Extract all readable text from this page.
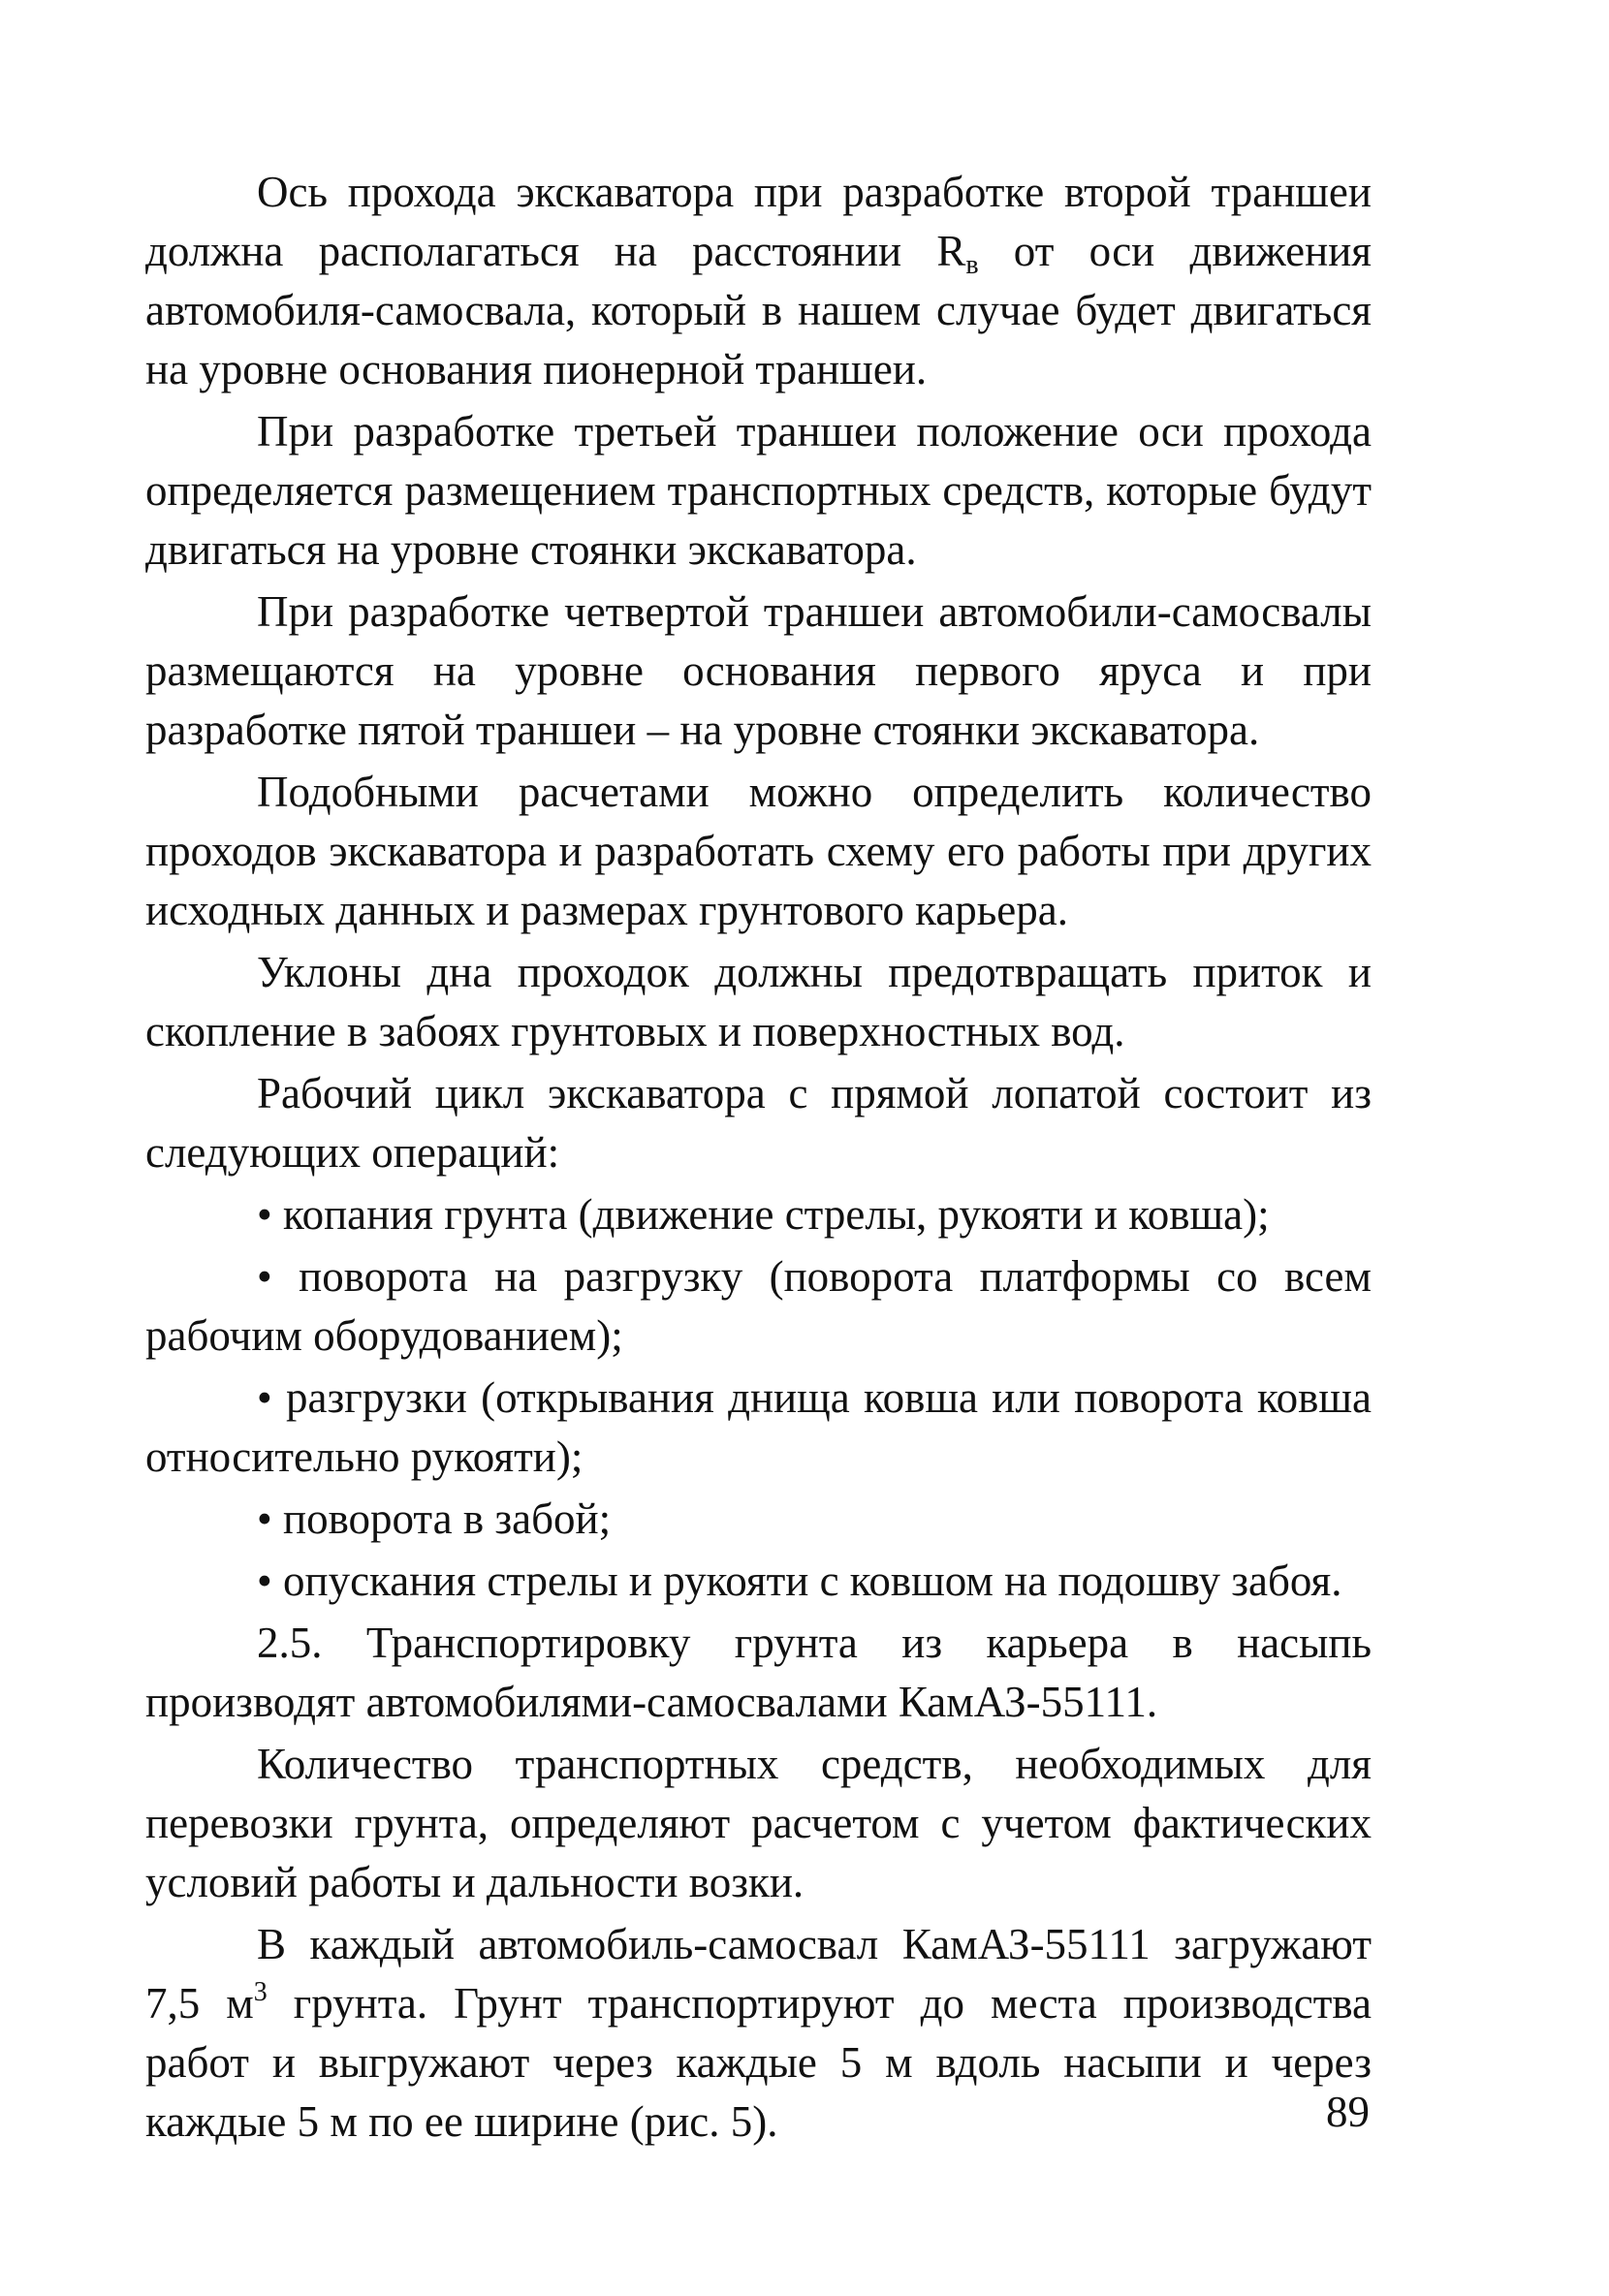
Ось прохода экскаватора при разработке второй траншеи должна располагаться на расстоянии $R_в$ от оси движения автомобиля-самосвала, который в нашем случае будет двигаться на уровне основания пионерной траншеи.

При разработке третьей траншеи положение оси прохода определяется размещением транспортных средств, которые будут двигаться на уровне стоянки экскаватора.

При разработке четвертой траншеи автомобили-самосвалы размещаются на уровне основания первого яруса и при разработке пятой траншеи – на уровне стоянки экскаватора.

Подобными расчетами можно определить количество проходов экскаватора и разработать схему его работы при других исходных данных и размерах грунтового карьера.

Уклоны дна проходок должны предотвращать приток и скопление в забоях грунтовых и поверхностных вод.

Рабочий цикл экскаватора с прямой лопатой состоит из следующих операций:

• копания грунта (движение стрелы, рукояти и ковша);

• поворота на разгрузку (поворота платформы со всем рабочим оборудованием);

• разгрузки (открывания днища ковша или поворота ковша относительно рукояти);

• поворота в забой;

• опускания стрелы и рукояти с ковшом на подошву забоя.

2.5. Транспортировку грунта из карьера в насыпь производят автомобилями-самосвалами КамАЗ-55111.

Количество транспортных средств, необходимых для перевозки грунта, определяют расчетом с учетом фактических условий работы и дальности возки.

В каждый автомобиль-самосвал КамАЗ-55111 загружают 7,5 $м^3$ грунта. Грунт транспортируют до места производства работ и выгружают через каждые 5 м вдоль насыпи и через каждые 5 м по ее ширине (рис. 5).	89
